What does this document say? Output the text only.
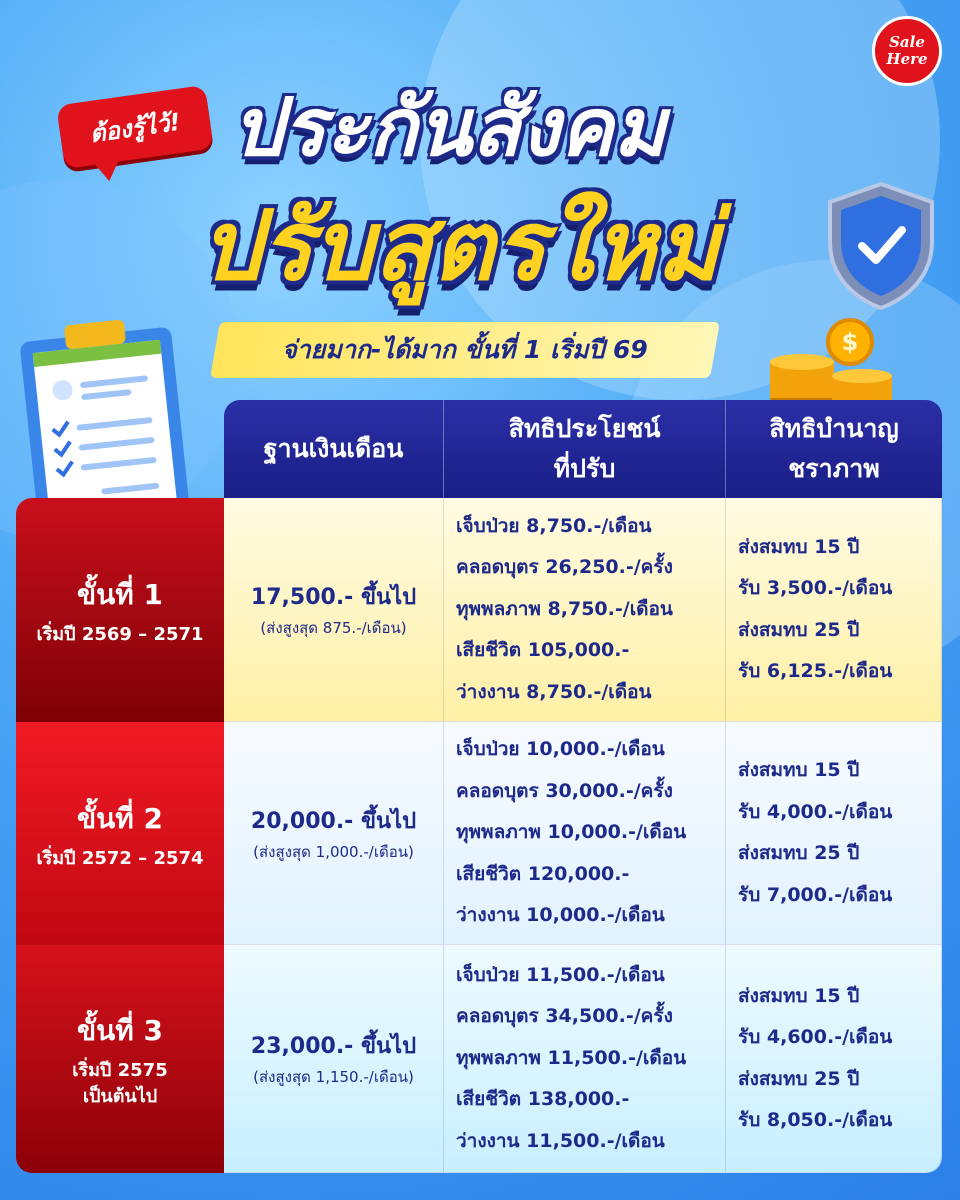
Sale
Here
ต้องรู้ไว้! ประกันสังคม
ปรับสูตรใหม่
จ่ายมาก-ได้มาก ขั้นที่ 1 เริ่มปี 69	$
ฐานเงินเดือน
สิทธิประโยชน์
ที่ปรับ
สิทธิบำนาญ
ชราภาพ
ขั้นที่ 1
เริ่มปี 2569 – 2571
17,500.- ขึ้นไป
(ส่งสูงสุด 875.-/เดือน)
เจ็บป่วย 8,750.-/เดือน
คลอดบุตร 26,250.-/ครั้ง
ทุพพลภาพ 8,750.-/เดือน
เสียชีวิต 105,000.-
ว่างงาน 8,750.-/เดือน
ส่งสมทบ 15 ปี
รับ 3,500.-/เดือน
ส่งสมทบ 25 ปี
รับ 6,125.-/เดือน
ขั้นที่ 2
เริ่มปี 2572 – 2574
20,000.- ขึ้นไป
(ส่งสูงสุด 1,000.-/เดือน)
เจ็บป่วย 10,000.-/เดือน
คลอดบุตร 30,000.-/ครั้ง
ทุพพลภาพ 10,000.-/เดือน
เสียชีวิต 120,000.-
ว่างงาน 10,000.-/เดือน
ส่งสมทบ 15 ปี
รับ 4,000.-/เดือน
ส่งสมทบ 25 ปี
รับ 7,000.-/เดือน
ขั้นที่ 3
เริ่มปี 2575
เป็นต้นไป
23,000.- ขึ้นไป
(ส่งสูงสุด 1,150.-/เดือน)
เจ็บป่วย 11,500.-/เดือน
คลอดบุตร 34,500.-/ครั้ง
ทุพพลภาพ 11,500.-/เดือน
เสียชีวิต 138,000.-
ว่างงาน 11,500.-/เดือน
ส่งสมทบ 15 ปี
รับ 4,600.-/เดือน
ส่งสมทบ 25 ปี
รับ 8,050.-/เดือน
